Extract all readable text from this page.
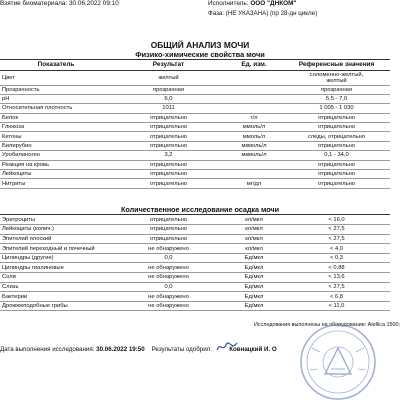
Взятие биоматериала: 30.06.2022 09:10	Исполнитель: ООО "ДНКОМ"
Фаза: (НЕ УКАЗАНА) (пр 28-дн цикле)
ОБЩИЙ АНАЛИЗ МОЧИ
Физико-химические свойства мочи
Показатель	Результат	Ед. изм.	Референсные значения
Цвет	желтый		соломенно-желтый,
желтый

Прозрачность	прозрачная		прозрачная

pH	6,0		5,5 - 7,0

Относительная плотность	1011		1 005 - 1 030

Белок	отрицательно	г/л	отрицательно

Глюкоза	отрицательно	ммоль/л	отрицательно

Кетоны	отрицательно	ммоль/л	следы, отрицательно

Билирубин	отрицательно	мкмоль/л	отрицательно

Уробилиноген	3,2	мкмоль/л	0,1 - 34,0

Реакция на кровь	отрицательно		отрицательно

Лейкоциты	отрицательно		отрицательно

Нитриты	отрицательно	мг/дл	отрицательно
Количественное исследование осадка мочи
Эритроциты	отрицательно	кл/мкл	< 16,0
Лейкоциты (колич.)	отрицательно	кл/мкл	< 27,5
Эпителий плоский	отрицательно	кл/мкл	< 27,5
Эпителий переходный и почечный	не обнаружено	кл/мкл	< 4,0
Цилиндры (другие)	0,0	Ед/мкл	< 0,3
Цилиндры гиалиновые	не обнаружено	Ед/мкл	< 0,88
Соли	не обнаружено	Ед/мкл	< 13,6
Слизь	0,0	Ед/мкл	< 27,5
Бактерии	не обнаружено	Ед/мкл	< 6,8
Дрожжеподобные грибы	не обнаружено	Ед/мкл	< 11,0
Исследования выполнены на оборудовании: Atellica 1500;
Дата выполнения исследования: 30.06.2022 19:50 Результаты одобрил:	Ковнацкий И. О
